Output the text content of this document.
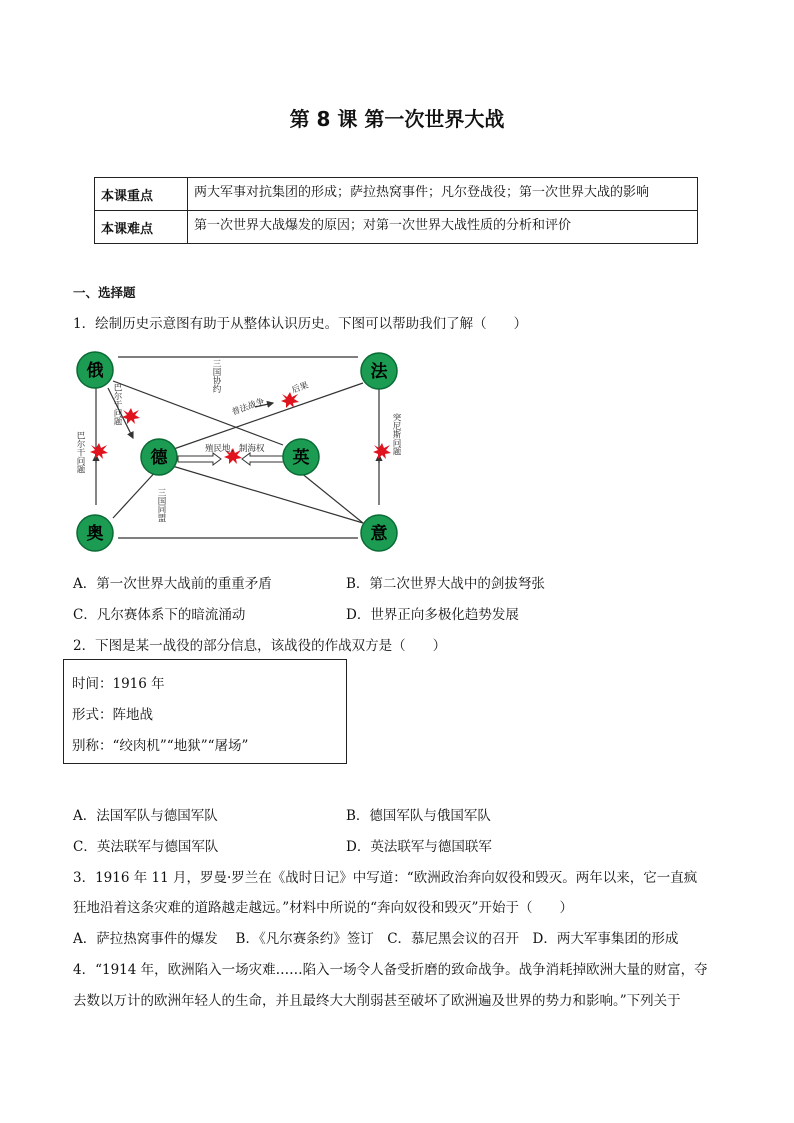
第 8 课 第一次世界大战
本课重点	两大军事对抗集团的形成；萨拉热窝事件；凡尔登战役；第一次世界大战的影响
本课难点	第一次世界大战爆发的原因；对第一次世界大战性质的分析和评价
一、选择题
1．绘制历史示意图有助于从整体认识历史。下图可以帮助我们了解（　　）
三国协约
三国同盟
巴尔干问题
巴尔干问题
突尼斯问题
殖民地、制海权
普法战争
后果
俄	法
德	英
奥	意
A．第一次世界大战前的重重矛盾	B．第二次世界大战中的剑拔弩张
C．凡尔赛体系下的暗流涌动	D．世界正向多极化趋势发展
2．下图是某一战役的部分信息，该战役的作战双方是（　　）
时间：1916 年
形式：阵地战
别称：“绞肉机”“地狱”“屠场”
A．法国军队与德国军队	B．德国军队与俄国军队
C．英法联军与德国军队	D．英法联军与德国联军
3．1916 年 11 月，罗曼·罗兰在《战时日记》中写道：“欧洲政治奔向奴役和毁灭。两年以来，它一直疯
狂地沿着这条灾难的道路越走越远。”材料中所说的“奔向奴役和毁灭”开始于（　　）
A．萨拉热窝事件的爆发　 B．《凡尔赛条约》签订　C．慕尼黑会议的召开　D．两大军事集团的形成
4．“1914 年，欧洲陷入一场灾难……陷入一场令人备受折磨的致命战争。战争消耗掉欧洲大量的财富，夺
去数以万计的欧洲年轻人的生命，并且最终大大削弱甚至破坏了欧洲遍及世界的势力和影响。”下列关于
